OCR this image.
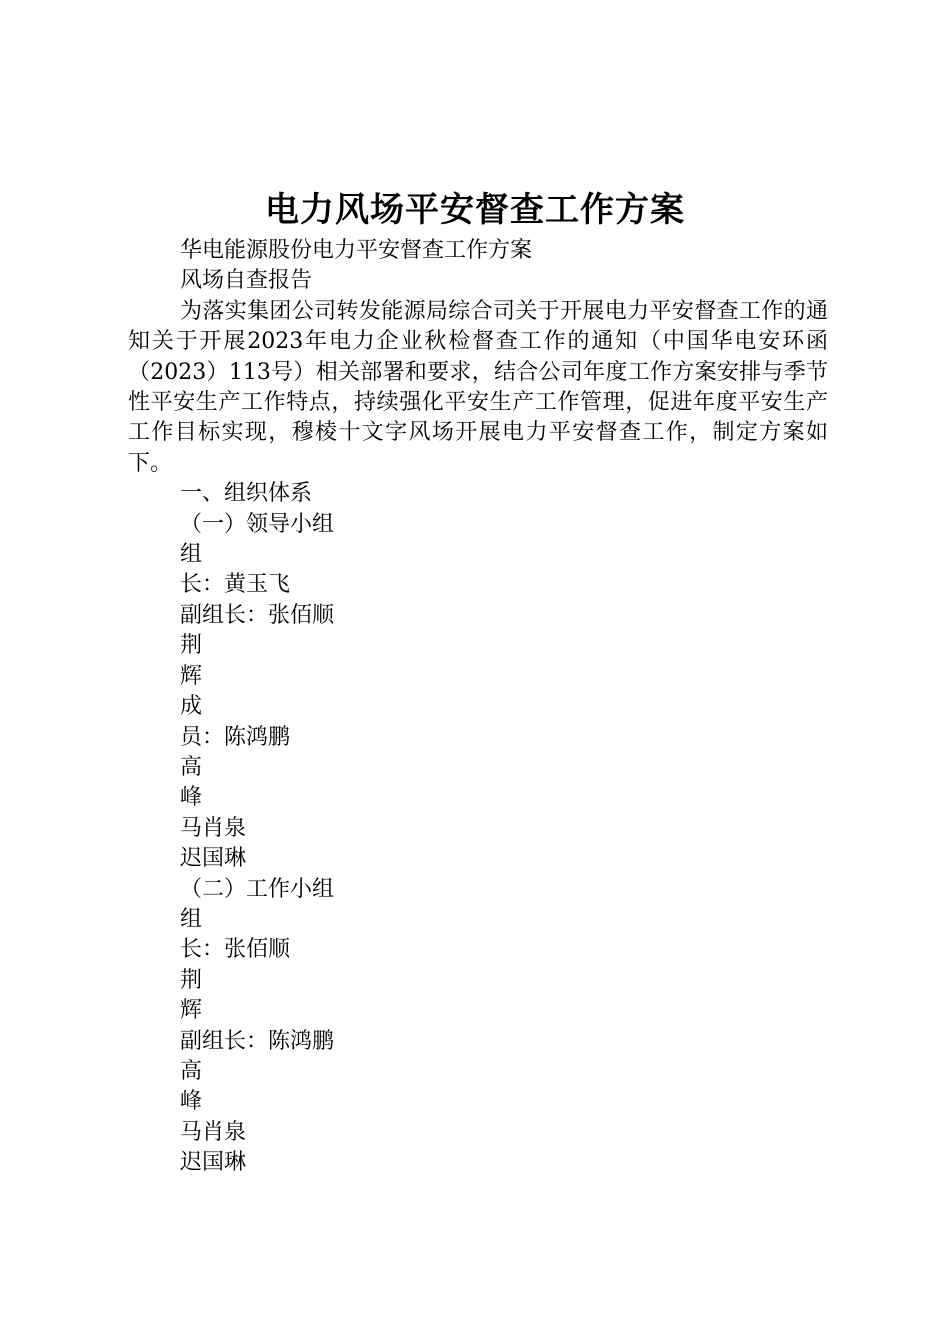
电力风场平安督查工作方案
华电能源股份电力平安督查工作方案
风场自查报告

为落实集团公司转发能源局综合司关于开展电力平安督查工作的通知关于开展2023年电力企业秋检督查工作的通知（中国华电安环函（2023）113号）相关部署和要求，结合公司年度工作方案安排与季节性平安生产工作特点，持续强化平安生产工作管理，促进年度平安生产工作目标实现，穆棱十文字风场开展电力平安督查工作，制定方案如下。

一、组织体系
（一）领导小组
组
长：黄玉飞
副组长：张佰顺
荆
辉
成
员：陈鸿鹏
高
峰
马肖泉
迟国琳
（二）工作小组
组
长：张佰顺
荆
辉
副组长：陈鸿鹏
高
峰
马肖泉
迟国琳
